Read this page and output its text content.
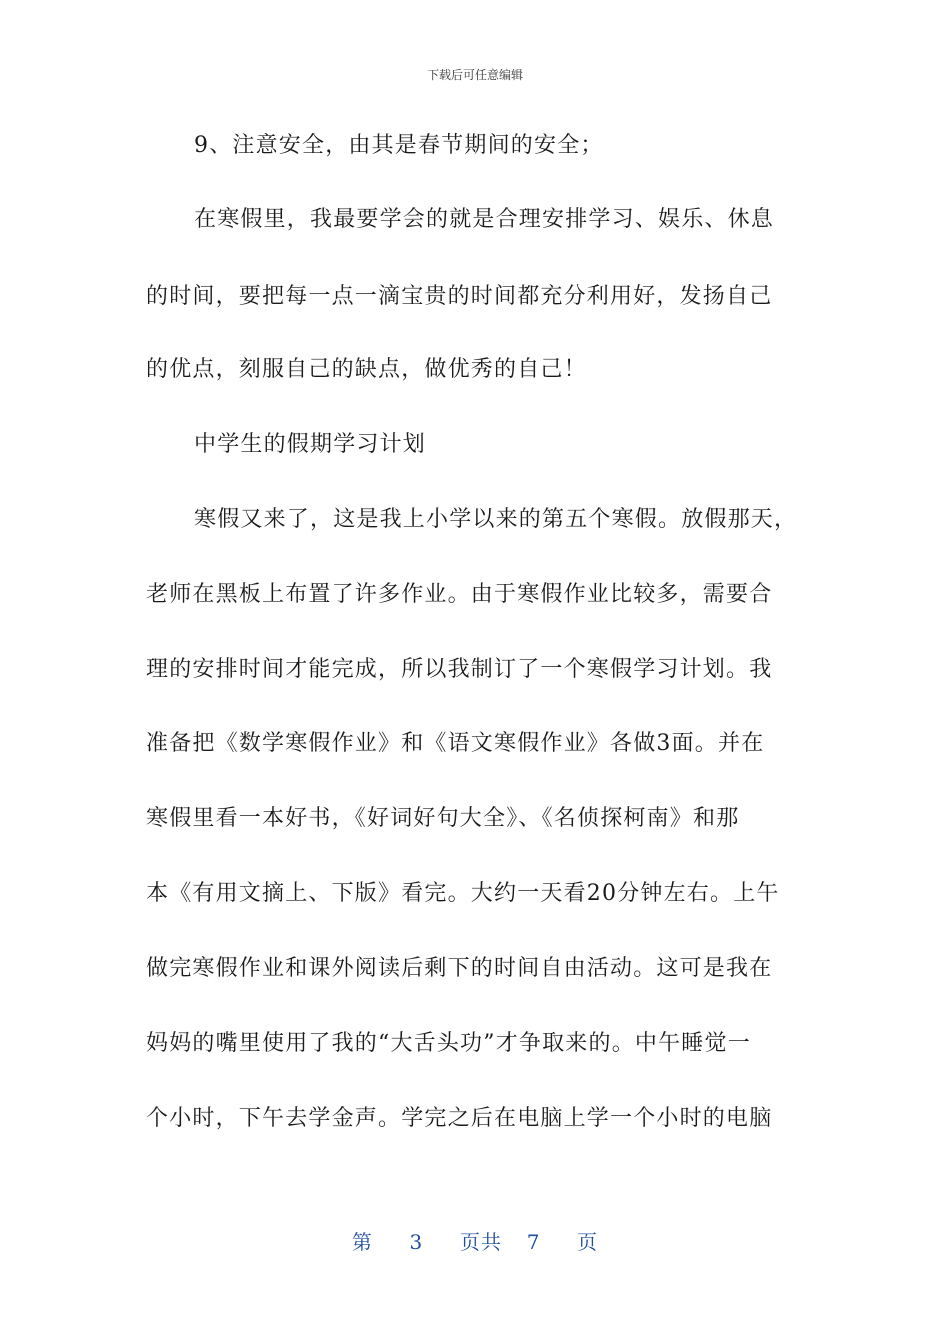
下载后可任意编辑
9、注意安全，由其是春节期间的安全；
在寒假里，我最要学会的就是合理安排学习、娱乐、休息
的时间，要把每一点一滴宝贵的时间都充分利用好，发扬自己
的优点，刻服自己的缺点，做优秀的自己！
中学生的假期学习计划
寒假又来了，这是我上小学以来的第五个寒假。放假那天，
老师在黑板上布置了许多作业。由于寒假作业比较多，需要合
理的安排时间才能完成，所以我制订了一个寒假学习计划。我
准备把《数学寒假作业》和《语文寒假作业》各做3面。并在
寒假里看一本好书，《好词好句大全》、《名侦探柯南》和那
本《有用文摘上、下版》看完。大约一天看20分钟左右。上午
做完寒假作业和课外阅读后剩下的时间自由活动。这可是我在
妈妈的嘴里使用了我的“大舌头功”才争取来的。中午睡觉一
个小时，下午去学金声。学完之后在电脑上学一个小时的电脑
第 3 页共 7 页
